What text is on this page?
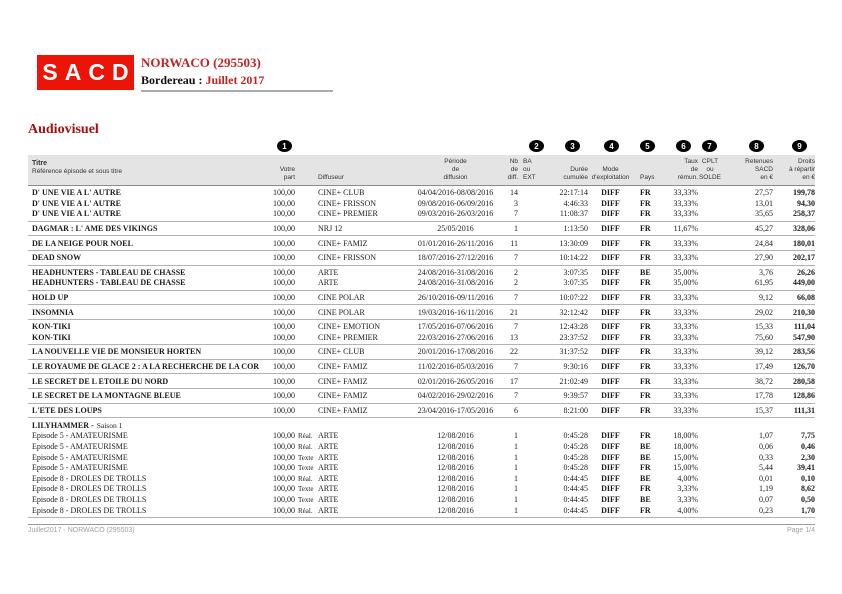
SACD NORWACO (295503)
Bordereau : Juillet 2017
Audiovisuel
1	2	3	4	5	6	7	8	9
Titre
Référence épisode et sous titre	Votre
part	Diffuseur
Période
de
diffusion
Nb
de
diff.
BA
ou
EXT
Durée
cumulée
Mode
d'exploitation	Pays
Taux
de
rémun.
CPLT
ou
SOLDE
Retenues
SACD
en €
Droits
à répartir
en €
D' UNE VIE A L' AUTRE	100,00	CINE+ CLUB	04/04/2016-08/08/2016	14	22:17:14	DIFF	FR	33,33%	27,57	199,78
D' UNE VIE A L' AUTRE	100,00	CINE+ FRISSON	09/08/2016-06/09/2016	3	4:46:33	DIFF	FR	33,33%	13,01	94,30
D' UNE VIE A L' AUTRE	100,00	CINE+ PREMIER	09/03/2016-26/03/2016	7	11:08:37	DIFF	FR	33,33%	35,65	258,37
DAGMAR : L' AME DES VIKINGS	100,00	NRJ 12	25/05/2016	1	1:13:50	DIFF	FR	11,67%	45,27	328,06
DE LA NEIGE POUR NOEL	100,00	CINE+ FAMIZ	01/01/2016-26/11/2016	11	13:30:09	DIFF	FR	33,33%	24,84	180,01
DEAD SNOW	100,00	CINE+ FRISSON	18/07/2016-27/12/2016	7	10:14:22	DIFF	FR	33,33%	27,90	202,17
HEADHUNTERS - TABLEAU DE CHASSE	100,00	ARTE	24/08/2016-31/08/2016	2	3:07:35	DIFF	BE	35,00%	3,76	26,26
HEADHUNTERS - TABLEAU DE CHASSE	100,00	ARTE	24/08/2016-31/08/2016	2	3:07:35	DIFF	FR	35,00%	61,95	449,00
HOLD UP	100,00	CINE POLAR	26/10/2016-09/11/2016	7	10:07:22	DIFF	FR	33,33%	9,12	66,08
INSOMNIA	100,00	CINE POLAR	19/03/2016-16/11/2016	21	32:12:42	DIFF	FR	33,33%	29,02	210,30
KON-TIKI	100,00	CINE+ EMOTION	17/05/2016-07/06/2016	7	12:43:28	DIFF	FR	33,33%	15,33	111,04
KON-TIKI	100,00	CINE+ PREMIER	22/03/2016-27/06/2016	13	23:37:52	DIFF	FR	33,33%	75,60	547,90
LA NOUVELLE VIE DE MONSIEUR HORTEN	100,00	CINE+ CLUB	20/01/2016-17/08/2016	22	31:37:52	DIFF	FR	33,33%	39,12	283,56
LE ROYAUME DE GLACE 2 : A LA RECHERCHE DE LA COR	100,00	CINE+ FAMIZ	11/02/2016-05/03/2016	7	9:30:16	DIFF	FR	33,33%	17,49	126,70
LE SECRET DE L ETOILE DU NORD	100,00	CINE+ FAMIZ	02/01/2016-26/05/2016	17	21:02:49	DIFF	FR	33,33%	38,72	280,58
LE SECRET DE LA MONTAGNE BLEUE	100,00	CINE+ FAMIZ	04/02/2016-29/02/2016	7	9:39:57	DIFF	FR	33,33%	17,78	128,86
L'ETE DES LOUPS	100,00	CINE+ FAMIZ	23/04/2016-17/05/2016	6	8:21:00	DIFF	FR	33,33%	15,37	111,31
LILYHAMMER - Saison 1
Episode 5 - AMATEURISME	100,00 Réal. ARTE	12/08/2016	1	0:45:28	DIFF	FR	18,00%	1,07	7,75
Episode 5 - AMATEURISME	100,00 Réal. ARTE	12/08/2016	1	0:45:28	DIFF	BE	18,00%	0,06	0,46
Episode 5 - AMATEURISME	100,00 Texte ARTE	12/08/2016	1	0:45:28	DIFF	BE	15,00%	0,33	2,30
Episode 5 - AMATEURISME	100,00 Texte ARTE	12/08/2016	1	0:45:28	DIFF	FR	15,00%	5,44	39,41
Episode 8 - DROLES DE TROLLS	100,00 Réal. ARTE	12/08/2016	1	0:44:45	DIFF	BE	4,00%	0,01	0,10
Episode 8 - DROLES DE TROLLS	100,00 Texte ARTE	12/08/2016	1	0:44:45	DIFF	FR	3,33%	1,19	8,62
Episode 8 - DROLES DE TROLLS	100,00 Texte ARTE	12/08/2016	1	0:44:45	DIFF	BE	3,33%	0,07	0,50
Episode 8 - DROLES DE TROLLS	100,00 Réal. ARTE	12/08/2016	1	0:44:45	DIFF	FR	4,00%	0,23	1,70
Juillet2017 - NORWACO (295503)	Page 1/4
